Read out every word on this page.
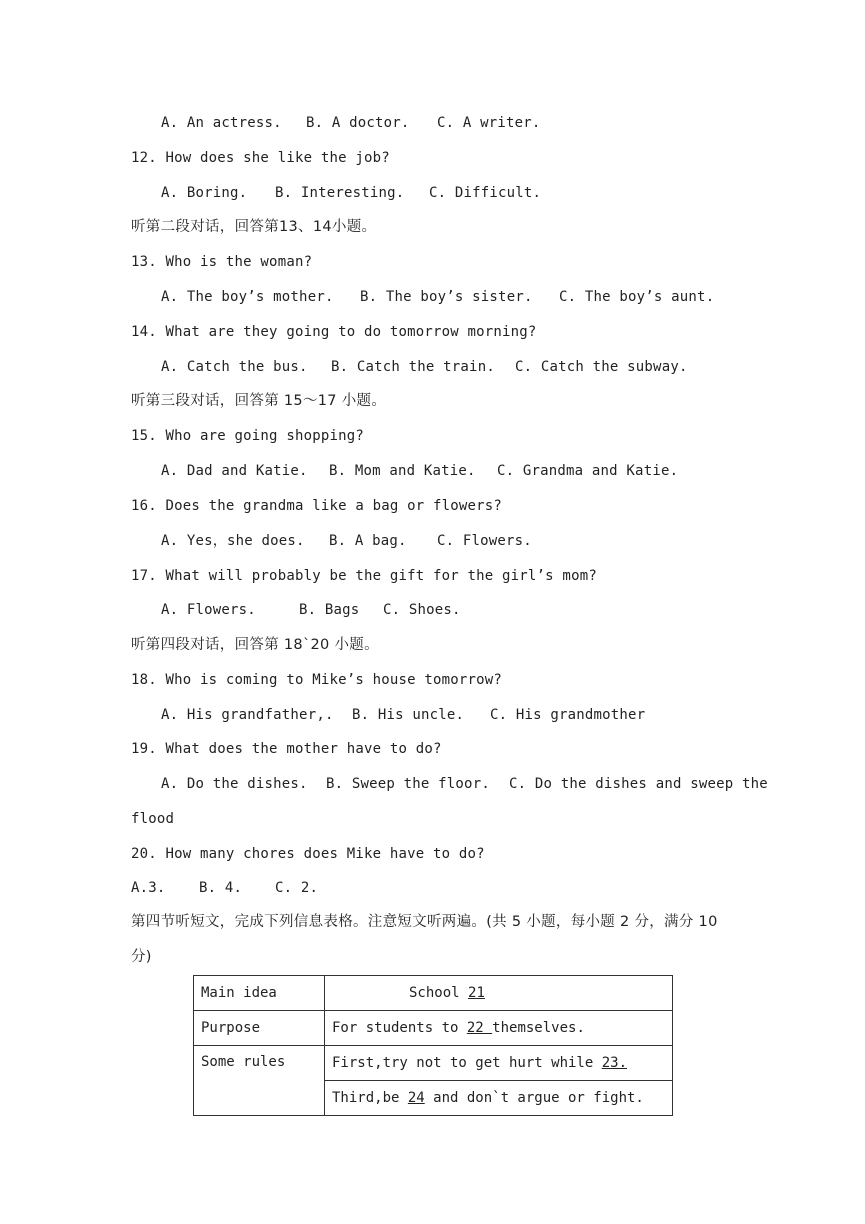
A. An actress.

B. A doctor.

C. A writer.

12. How does she like the job?

A. Boring.

B. Interesting.

C. Difficult.

听第二段对话，回答第13、14小题。
13. Who is the woman?

A. The boy’s mother.

B. The boy’s sister.

C. The boy’s aunt.

14. What are they going to do tomorrow morning?

A. Catch the bus.

B. Catch the train.

C. Catch the subway.

听第三段对话，回答第 15～17 小题。
15. Who are going shopping?

A. Dad and Katie.

B. Mom and Katie.

C. Grandma and Katie.

16. Does the grandma like a bag or flowers?

A. Yes，she does.

B. A bag.

C. Flowers.

17. What will probably be the gift for the girl’s mom?

A. Flowers.

	B. Bags

C. Shoes.

听第四段对话，回答第 18`20 小题。
18. Who is coming to Mike’s house tomorrow?

A. His grandfather,.

B. His uncle.

C. His grandmother

19. What does the mother have to do?

A. Do the dishes.

B. Sweep the floor.

C. Do the dishes and sweep the

flood
20. How many chores does Mike have to do?

A.3.

B. 4.

C. 2.

第四节听短文，完成下列信息表格。注意短文听两遍。(共 5 小题，每小题 2 分，满分 10
分)
Main idea	School 21
Purpose	For students to 22 themselves.
Some rules	First,try not to get hurt while 23.
	Third,be 24 and don`t argue or fight.
